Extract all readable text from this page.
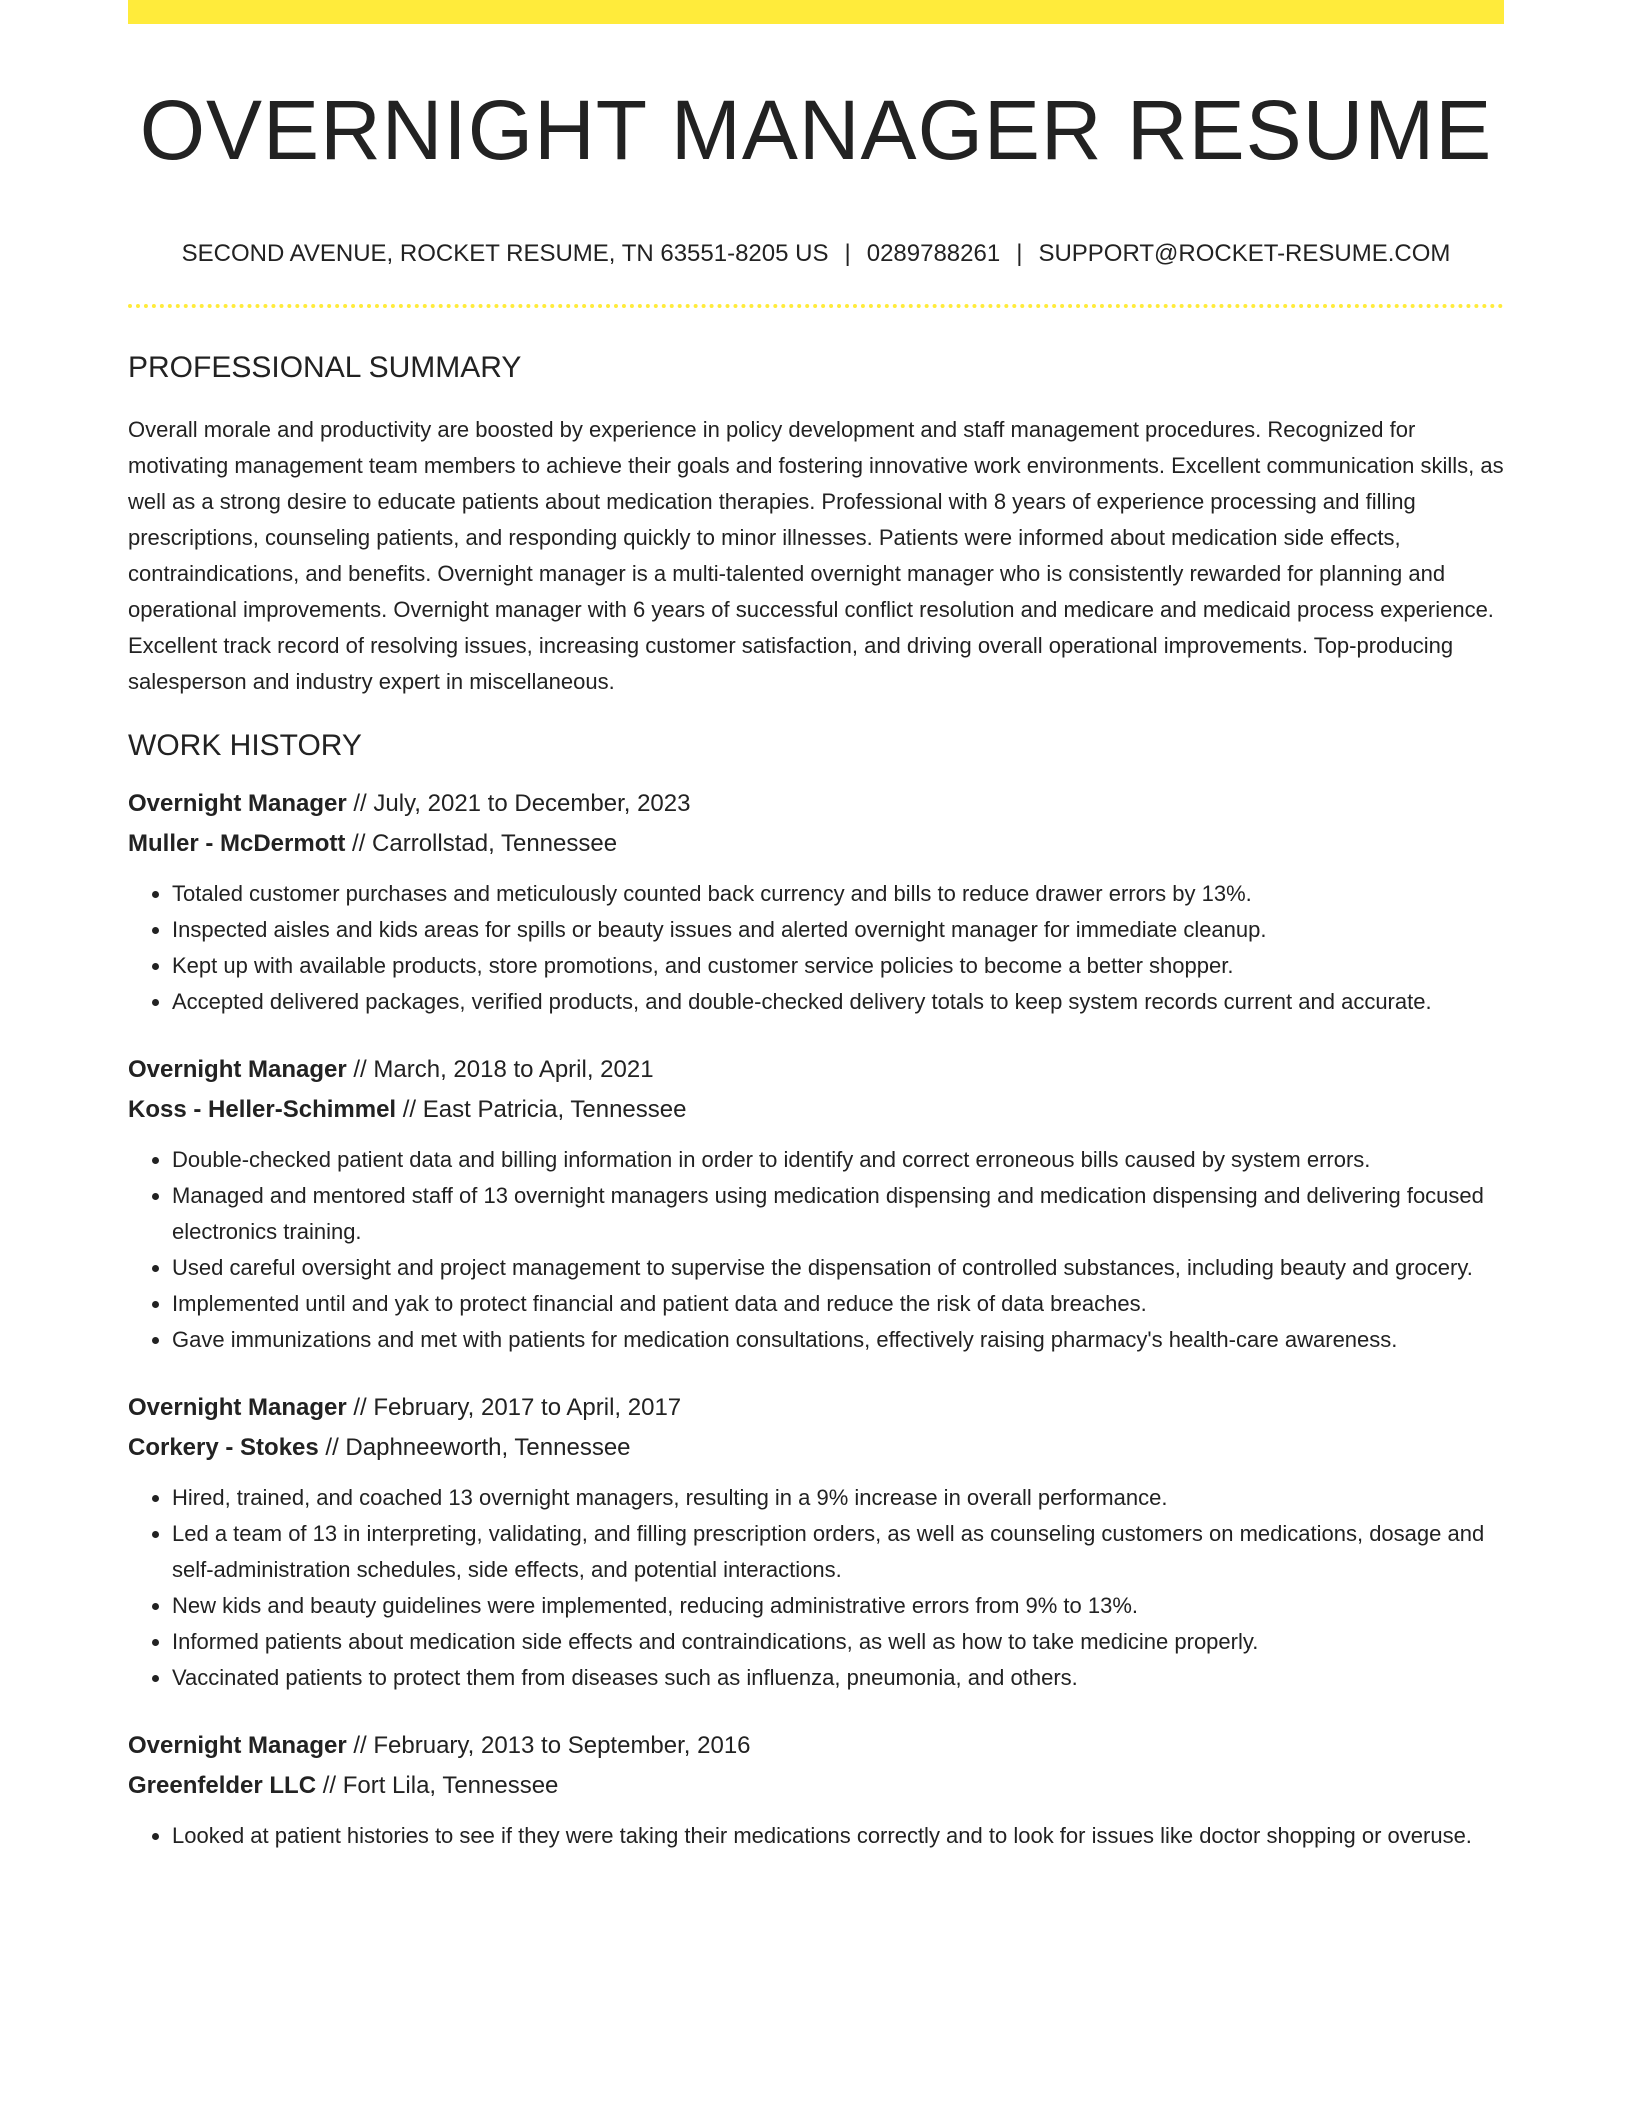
OVERNIGHT MANAGER RESUME
SECOND AVENUE, ROCKET RESUME, TN 63551-8205 US | 0289788261 | SUPPORT@ROCKET-RESUME.COM
PROFESSIONAL SUMMARY

Overall morale and productivity are boosted by experience in policy development and staff management procedures. Recognized for motivating management team members to achieve their goals and fostering innovative work environments. Excellent communication skills, as well as a strong desire to educate patients about medication therapies. Professional with 8 years of experience processing and filling prescriptions, counseling patients, and responding quickly to minor illnesses. Patients were informed about medication side effects, contraindications, and benefits. Overnight manager is a multi-talented overnight manager who is consistently rewarded for planning and operational improvements. Overnight manager with 6 years of successful conflict resolution and medicare and medicaid process experience. Excellent track record of resolving issues, increasing customer satisfaction, and driving overall operational improvements. Top-producing salesperson and industry expert in miscellaneous.

WORK HISTORY
Overnight Manager // July, 2021 to December, 2023
Muller - McDermott // Carrollstad, Tennessee
• Totaled customer purchases and meticulously counted back currency and bills to reduce drawer errors by 13%.
• Inspected aisles and kids areas for spills or beauty issues and alerted overnight manager for immediate cleanup.
• Kept up with available products, store promotions, and customer service policies to become a better shopper.
• Accepted delivered packages, verified products, and double-checked delivery totals to keep system records current and accurate.
Overnight Manager // March, 2018 to April, 2021
Koss - Heller-Schimmel // East Patricia, Tennessee
• Double-checked patient data and billing information in order to identify and correct erroneous bills caused by system errors.
• Managed and mentored staff of 13 overnight managers using medication dispensing and medication dispensing and delivering focused electronics training.
• Used careful oversight and project management to supervise the dispensation of controlled substances, including beauty and grocery.
• Implemented until and yak to protect financial and patient data and reduce the risk of data breaches.
• Gave immunizations and met with patients for medication consultations, effectively raising pharmacy's health-care awareness.
Overnight Manager // February, 2017 to April, 2017
Corkery - Stokes // Daphneeworth, Tennessee
• Hired, trained, and coached 13 overnight managers, resulting in a 9% increase in overall performance.
• Led a team of 13 in interpreting, validating, and filling prescription orders, as well as counseling customers on medications, dosage and self-administration schedules, side effects, and potential interactions.
• New kids and beauty guidelines were implemented, reducing administrative errors from 9% to 13%.
• Informed patients about medication side effects and contraindications, as well as how to take medicine properly.
• Vaccinated patients to protect them from diseases such as influenza, pneumonia, and others.
Overnight Manager // February, 2013 to September, 2016
Greenfelder LLC // Fort Lila, Tennessee
• Looked at patient histories to see if they were taking their medications correctly and to look for issues like doctor shopping or overuse.
